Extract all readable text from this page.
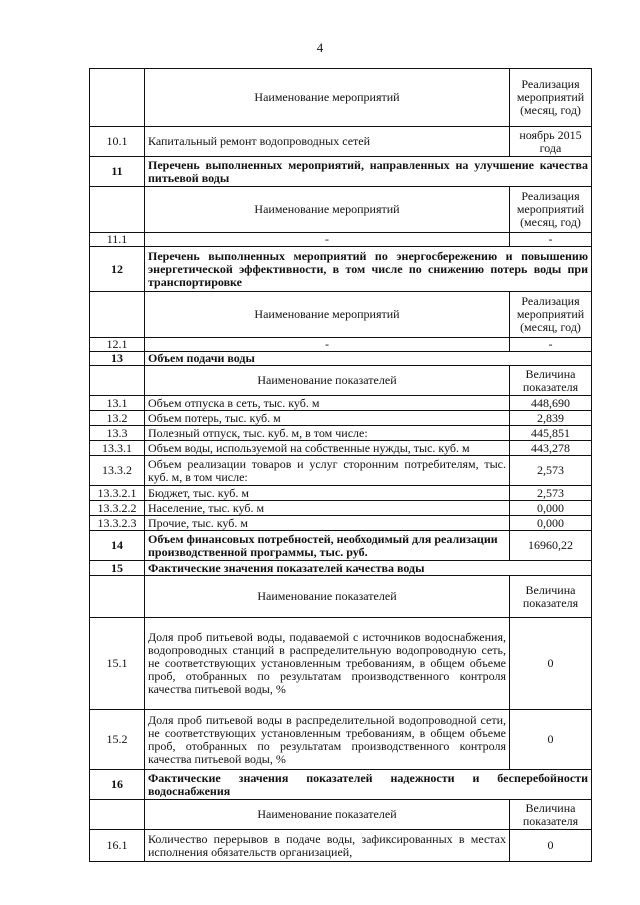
4
	Наименование мероприятий	Реализация мероприятий (месяц, год)
10.1	Капитальный ремонт водопроводных сетей	ноябрь 2015 года
11	Перечень выполненных мероприятий, направленных на улучшение качества питьевой воды	
	Наименование мероприятий	Реализация мероприятий (месяц, год)
11.1	-	-
12	Перечень выполненных мероприятий по энергосбережению и повышению энергетической эффективности, в том числе по снижению потерь воды при транспортировке	
	Наименование мероприятий	Реализация мероприятий (месяц, год)
12.1	-	-
13	Объем подачи воды	
	Наименование показателей	Величина показателя
13.1	Объем отпуска в сеть, тыс. куб. м	448,690
13.2	Объем потерь, тыс. куб. м	2,839
13.3	Полезный отпуск, тыс. куб. м, в том числе:	445,851
13.3.1	Объем воды, используемой на собственные нужды, тыс. куб. м	443,278
13.3.2	Объем реализации товаров и услуг сторонним потребителям, тыс. куб. м, в том числе:	2,573
13.3.2.1	Бюджет, тыс. куб. м	2,573
13.3.2.2	Население, тыс. куб. м	0,000
13.3.2.3	Прочие, тыс. куб. м	0,000
14	Объем финансовых потребностей, необходимый для реализации производственной программы, тыс. руб.	16960,22
15	Фактические значения показателей качества воды	
	Наименование показателей	Величина показателя
15.1	Доля проб питьевой воды, подаваемой с источников водоснабжения, водопроводных станций в распределительную водопроводную сеть, не соответствующих установленным требованиям, в общем объеме проб, отобранных по результатам производственного контроля качества питьевой воды, %	0
15.2	Доля проб питьевой воды в распределительной водопроводной сети, не соответствующих установленным требованиям, в общем объеме проб, отобранных по результатам производственного контроля качества питьевой воды, %	0
16	Фактические значения показателей надежности и бесперебойности водоснабжения	
	Наименование показателей	Величина показателя
16.1	Количество перерывов в подаче воды, зафиксированных в местах исполнения обязательств организацией,	0
